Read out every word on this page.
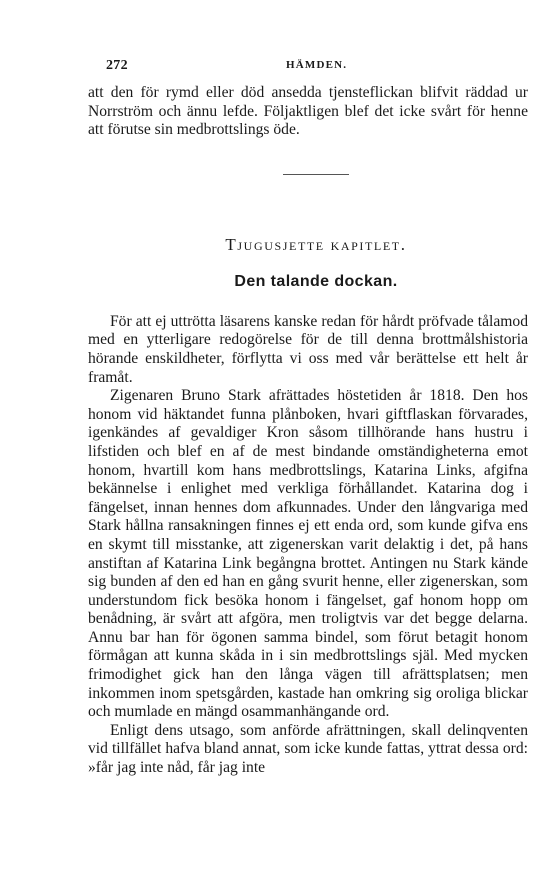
272	HÄMDEN.

att den för rymd eller död ansedda tjensteflickan blifvit räddad ur Norrström och ännu lefde. Följaktligen blef det icke svårt för henne att förutse sin medbrottslings öde.

Tjugusjette kapitlet.
Den talande dockan.

För att ej uttrötta läsarens kanske redan för hårdt pröfvade tålamod med en ytterligare redogörelse för de till denna brottmålshistoria hörande enskildheter, förflytta vi oss med vår berättelse ett helt år framåt.

Zigenaren Bruno Stark afrättades höstetiden år 1818. Den hos honom vid häktandet funna plånboken, hvari giftflaskan förvarades, igenkändes af gevaldiger Kron såsom tillhörande hans hustru i lifstiden och blef en af de mest bindande omständigheterna emot honom, hvartill kom hans medbrottslings, Katarina Links, afgifna bekännelse i enlighet med verkliga förhållandet. Katarina dog i fängelset, innan hennes dom afkunnades. Under den långvariga med Stark hållna ransakningen finnes ej ett enda ord, som kunde gifva ens en skymt till misstanke, att zigenerskan varit delaktig i det, på hans anstiftan af Katarina Link begångna brottet. Antingen nu Stark kände sig bunden af den ed han en gång svurit henne, eller zigenerskan, som understundom fick besöka honom i fängelset, gaf honom hopp om benådning, är svårt att afgöra, men troligtvis var det begge delarna. Annu bar han för ögonen samma bindel, som förut betagit honom förmågan att kunna skåda in i sin medbrottslings själ. Med mycken frimodighet gick han den långa vägen till afrättsplatsen; men inkommen inom spetsgården, kastade han omkring sig oroliga blickar och mumlade en mängd osammanhängande ord.

Enligt dens utsago, som anförde afrättningen, skall delinqventen vid tillfället hafva bland annat, som icke kunde fattas, yttrat dessa ord: »får jag inte nåd, får jag inte
